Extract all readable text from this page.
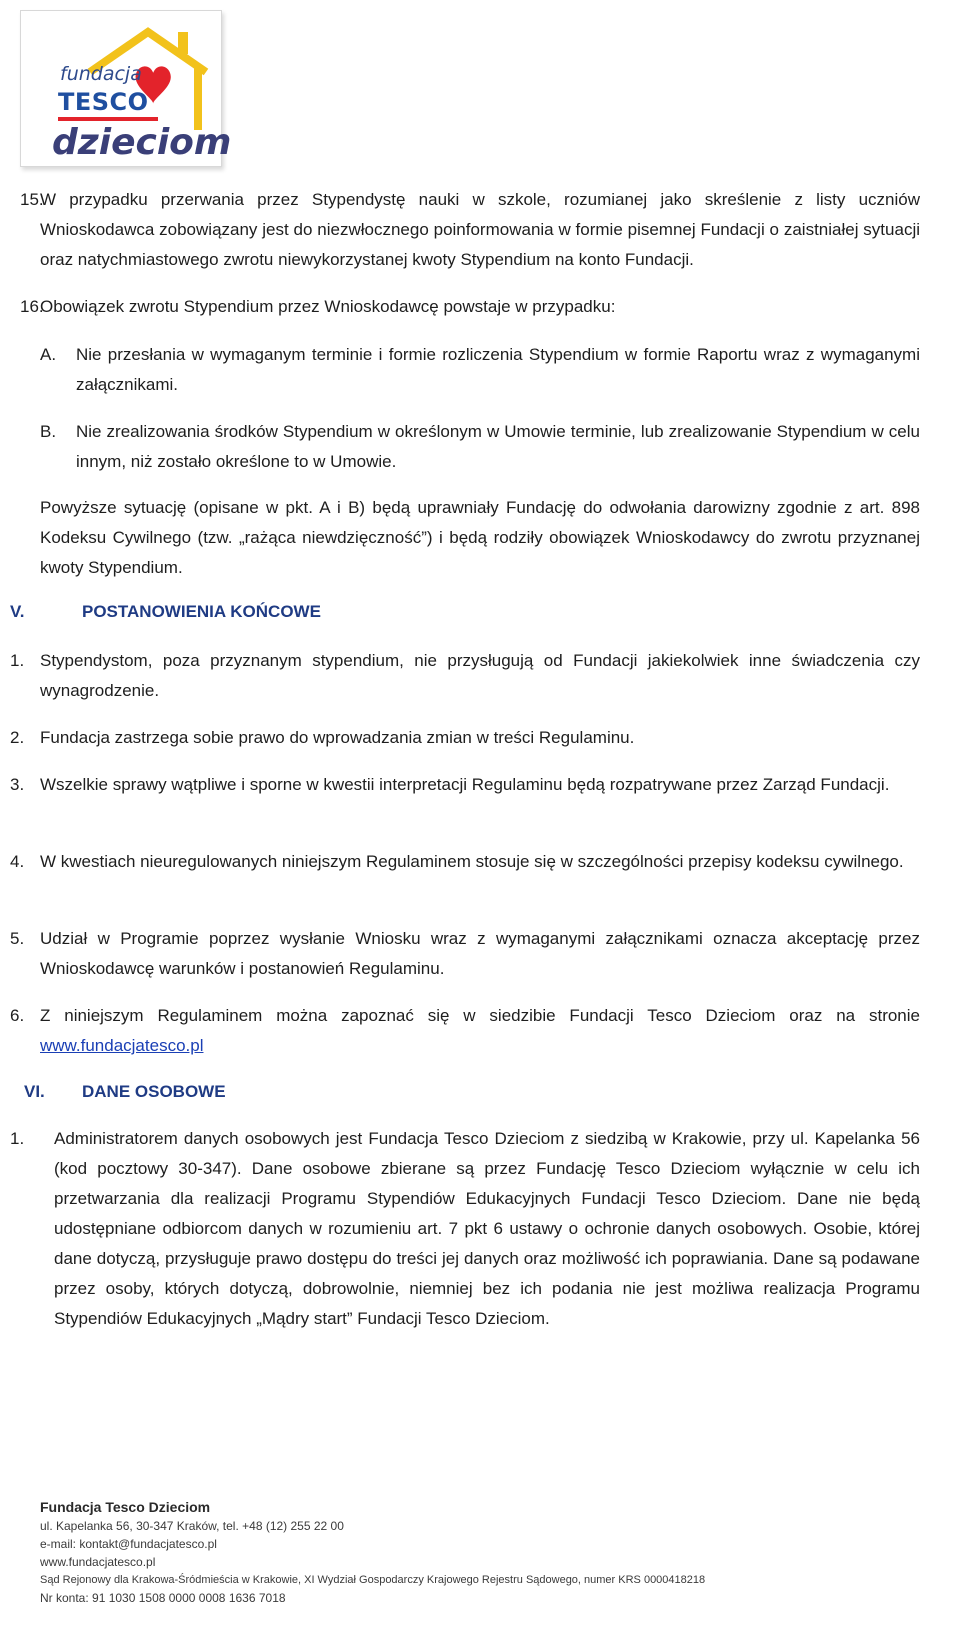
fundacja
TESCO
dzieciom
15.
W przypadku przerwania przez Stypendystę nauki w szkole, rozumianej jako skreślenie z listy uczniów Wnioskodawca zobowiązany jest do niezwłocznego poinformowania w formie pisemnej Fundacji o zaistniałej sytuacji oraz natychmiastowego zwrotu niewykorzystanej kwoty Stypendium na konto Fundacji.
16.
Obowiązek zwrotu Stypendium przez Wnioskodawcę powstaje w przypadku:
A.	Nie przesłania w wymaganym terminie i formie rozliczenia Stypendium w formie Raportu wraz z wymaganymi załącznikami.
B.	Nie zrealizowania środków Stypendium w określonym w Umowie terminie, lub zrealizowanie Stypendium w celu innym, niż zostało określone to w Umowie.
Powyższe sytuację (opisane w pkt. A i B) będą uprawniały Fundację do odwołania darowizny zgodnie z art. 898 Kodeksu Cywilnego (tzw. „rażąca niewdzięczność”) i będą rodziły obowiązek Wnioskodawcy do zwrotu przyznanej kwoty Stypendium.
V.	POSTANOWIENIA KOŃCOWE
1. Stypendystom, poza przyznanym stypendium, nie przysługują od Fundacji jakiekolwiek inne świadczenia czy wynagrodzenie.
2. Fundacja zastrzega sobie prawo do wprowadzania zmian w treści Regulaminu.
3. Wszelkie sprawy wątpliwe i sporne w kwestii interpretacji Regulaminu będą rozpatrywane przez Zarząd Fundacji.
4. W kwestiach nieuregulowanych niniejszym Regulaminem stosuje się w szczególności przepisy kodeksu cywilnego.
5. Udział w Programie poprzez wysłanie Wniosku wraz z wymaganymi załącznikami oznacza akceptację przez Wnioskodawcę warunków i postanowień Regulaminu.
6. Z niniejszym Regulaminem można zapoznać się w siedzibie Fundacji Tesco Dzieciom oraz na stronie www.fundacjatesco.pl
VI. DANE OSOBOWE
1.	Administratorem danych osobowych jest Fundacja Tesco Dzieciom z siedzibą w Krakowie, przy ul. Kapelanka 56 (kod pocztowy 30-347). Dane osobowe zbierane są przez Fundację Tesco Dzieciom wyłącznie w celu ich przetwarzania dla realizacji Programu Stypendiów Edukacyjnych Fundacji Tesco Dzieciom. Dane nie będą udostępniane odbiorcom danych w rozumieniu art. 7 pkt 6 ustawy o ochronie danych osobowych. Osobie, której dane dotyczą, przysługuje prawo dostępu do treści jej danych oraz możliwość ich poprawiania. Dane są podawane przez osoby, których dotyczą, dobrowolnie, niemniej bez ich podania nie jest możliwa realizacja Programu Stypendiów Edukacyjnych „Mądry start” Fundacji Tesco Dzieciom.
Fundacja Tesco Dzieciom
ul. Kapelanka 56, 30-347 Kraków, tel. +48 (12) 255 22 00
e-mail: kontakt@fundacjatesco.pl
www.fundacjatesco.pl
Sąd Rejonowy dla Krakowa-Śródmieścia w Krakowie, XI Wydział Gospodarczy Krajowego Rejestru Sądowego, numer KRS 0000418218
Nr konta: 91 1030 1508 0000 0008 1636 7018
